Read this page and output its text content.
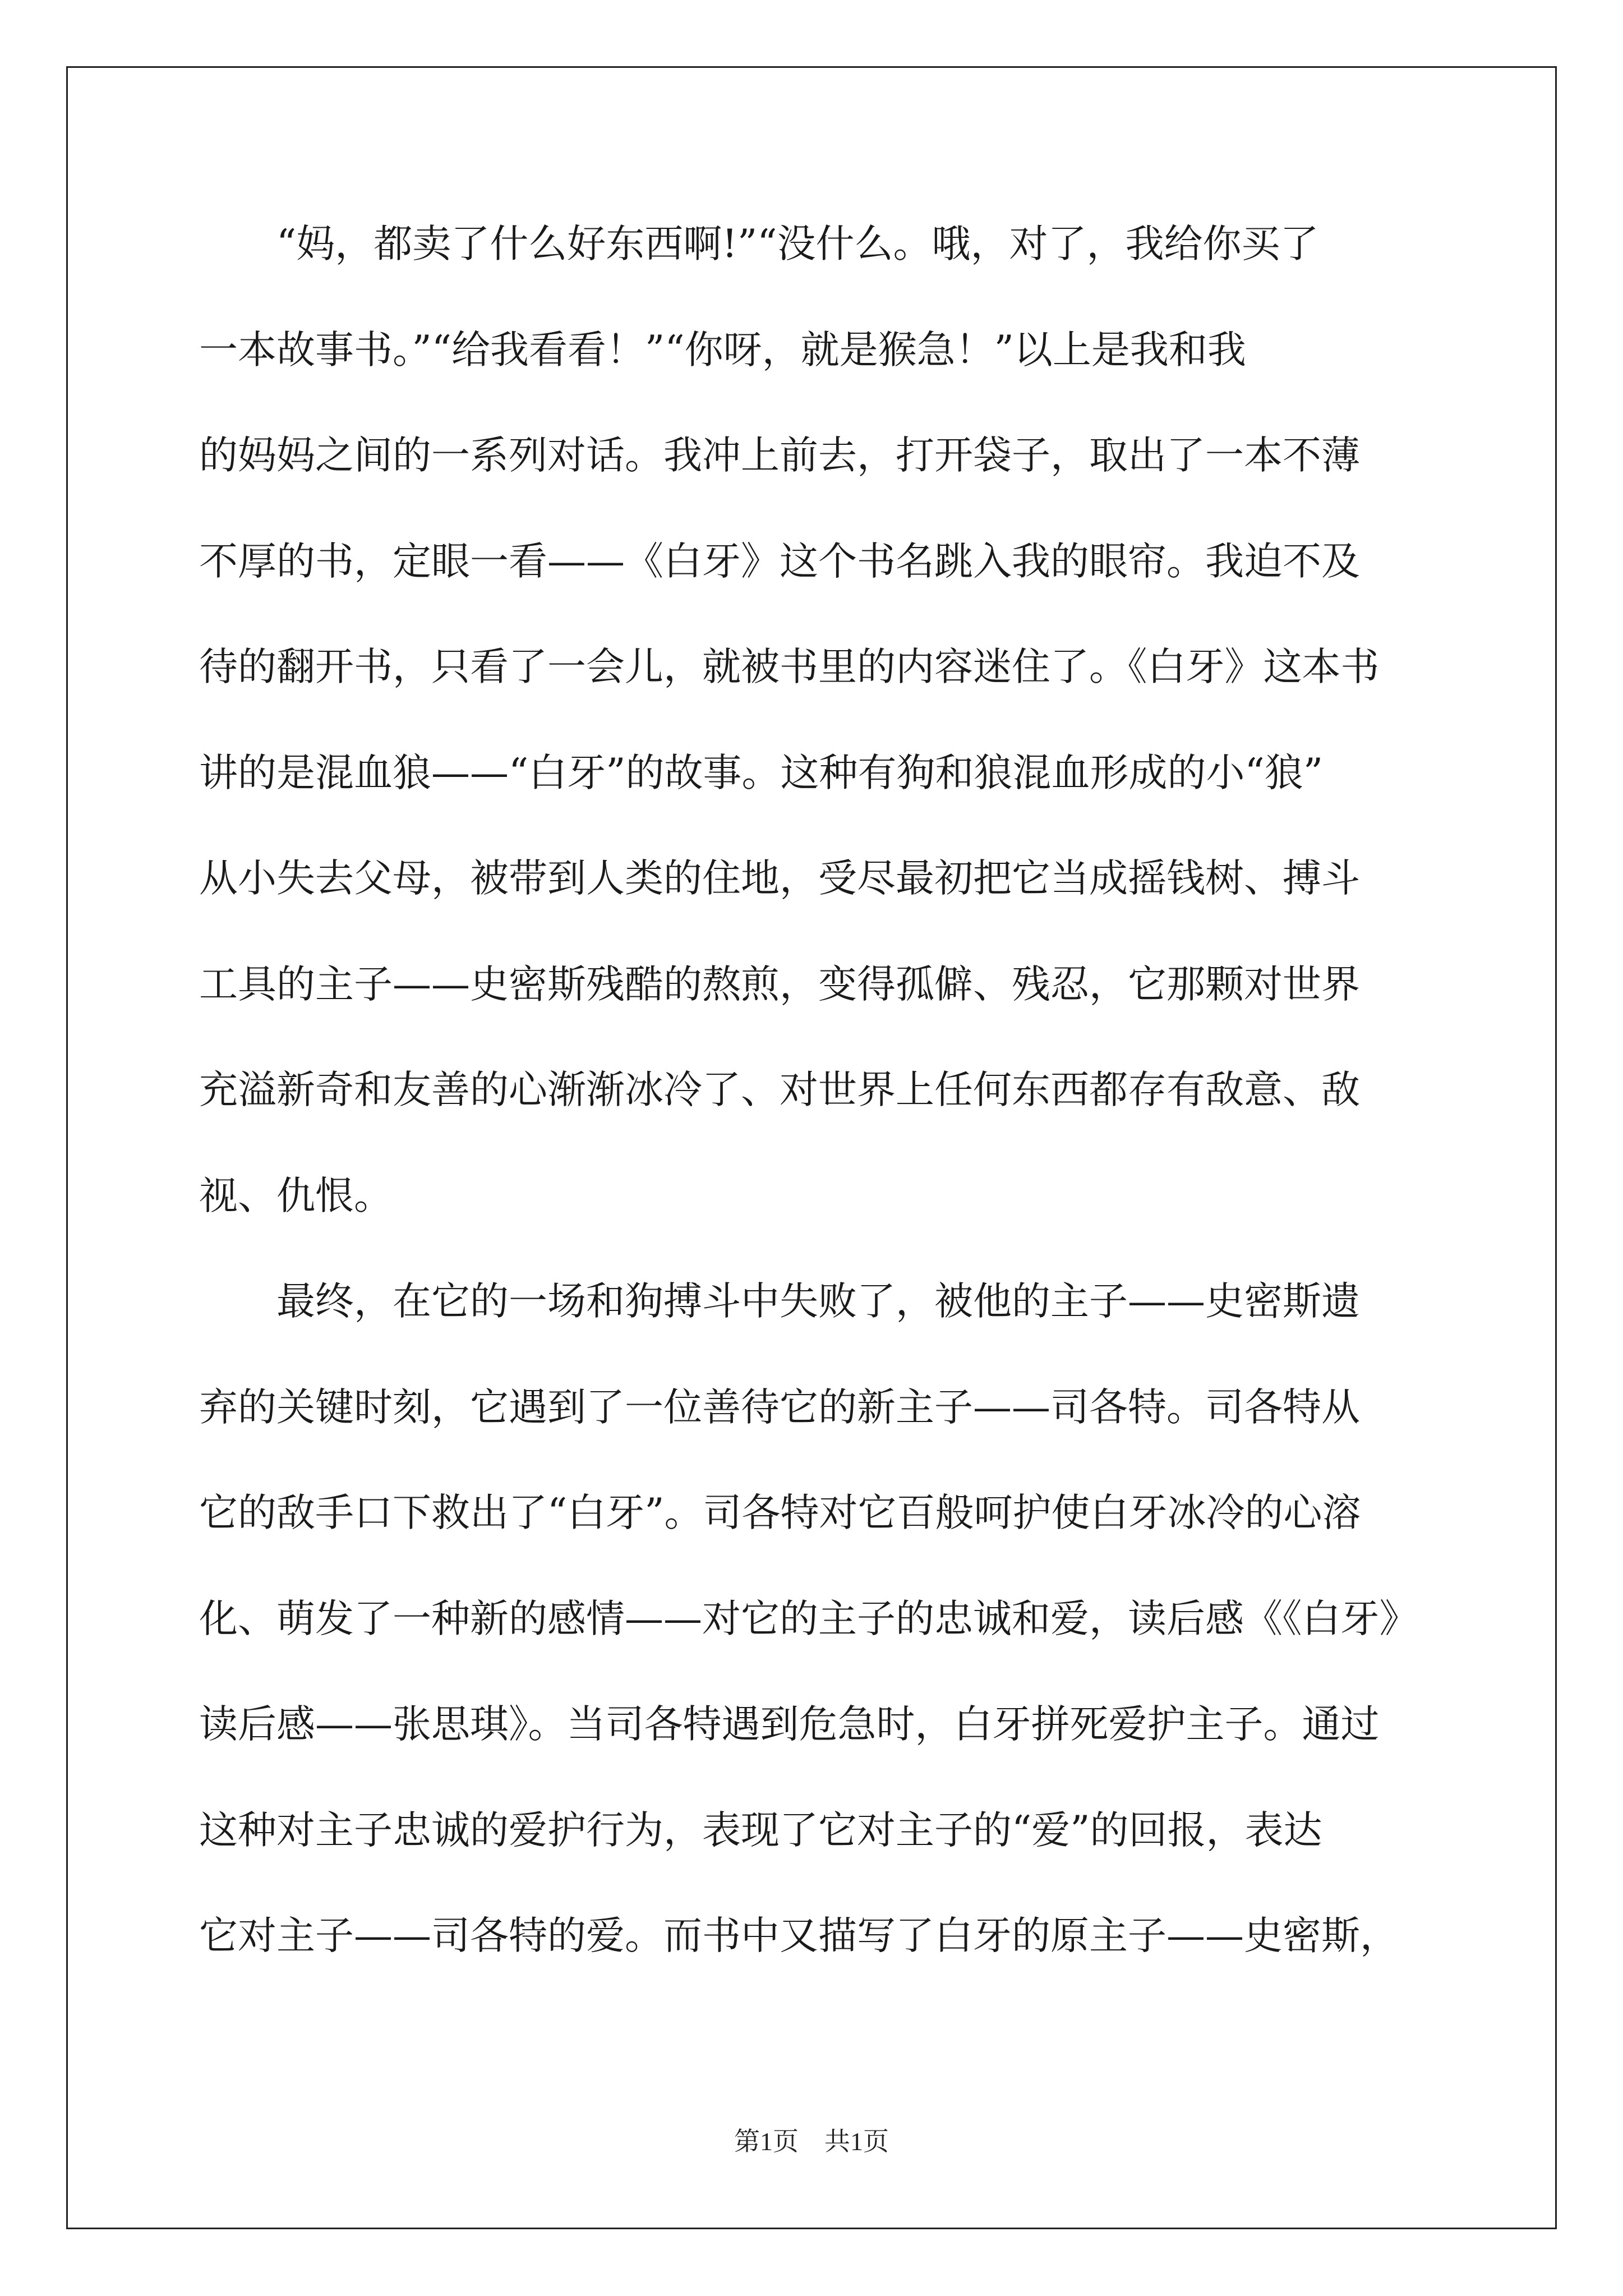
“妈，都卖了什么好东西啊!”“没什么。哦，对了，我给你买了
一本故事书。”“给我看看！”“你呀，就是猴急！”以上是我和我
的妈妈之间的一系列对话。我冲上前去，打开袋子，取出了一本不薄
不厚的书，定眼一看——《白牙》这个书名跳入我的眼帘。我迫不及
待的翻开书，只看了一会儿，就被书里的内容迷住了。《白牙》这本书
讲的是混血狼——“白牙”的故事。这种有狗和狼混血形成的小“狼”
从小失去父母，被带到人类的住地，受尽最初把它当成摇钱树、搏斗
工具的主子——史密斯残酷的熬煎，变得孤僻、残忍，它那颗对世界
充溢新奇和友善的心渐渐冰冷了、对世界上任何东西都存有敌意、敌
视、仇恨。
最终，在它的一场和狗搏斗中失败了，被他的主子——史密斯遗
弃的关键时刻，它遇到了一位善待它的新主子——司各特。司各特从
它的敌手口下救出了“白牙”。司各特对它百般呵护使白牙冰冷的心溶
化、萌发了一种新的感情——对它的主子的忠诚和爱，读后感《《白牙》
读后感——张思琪》。当司各特遇到危急时，白牙拼死爱护主子。通过
这种对主子忠诚的爱护行为，表现了它对主子的“爱”的回报，表达
它对主子——司各特的爱。而书中又描写了白牙的原主子——史密斯，
第1页　共1页
